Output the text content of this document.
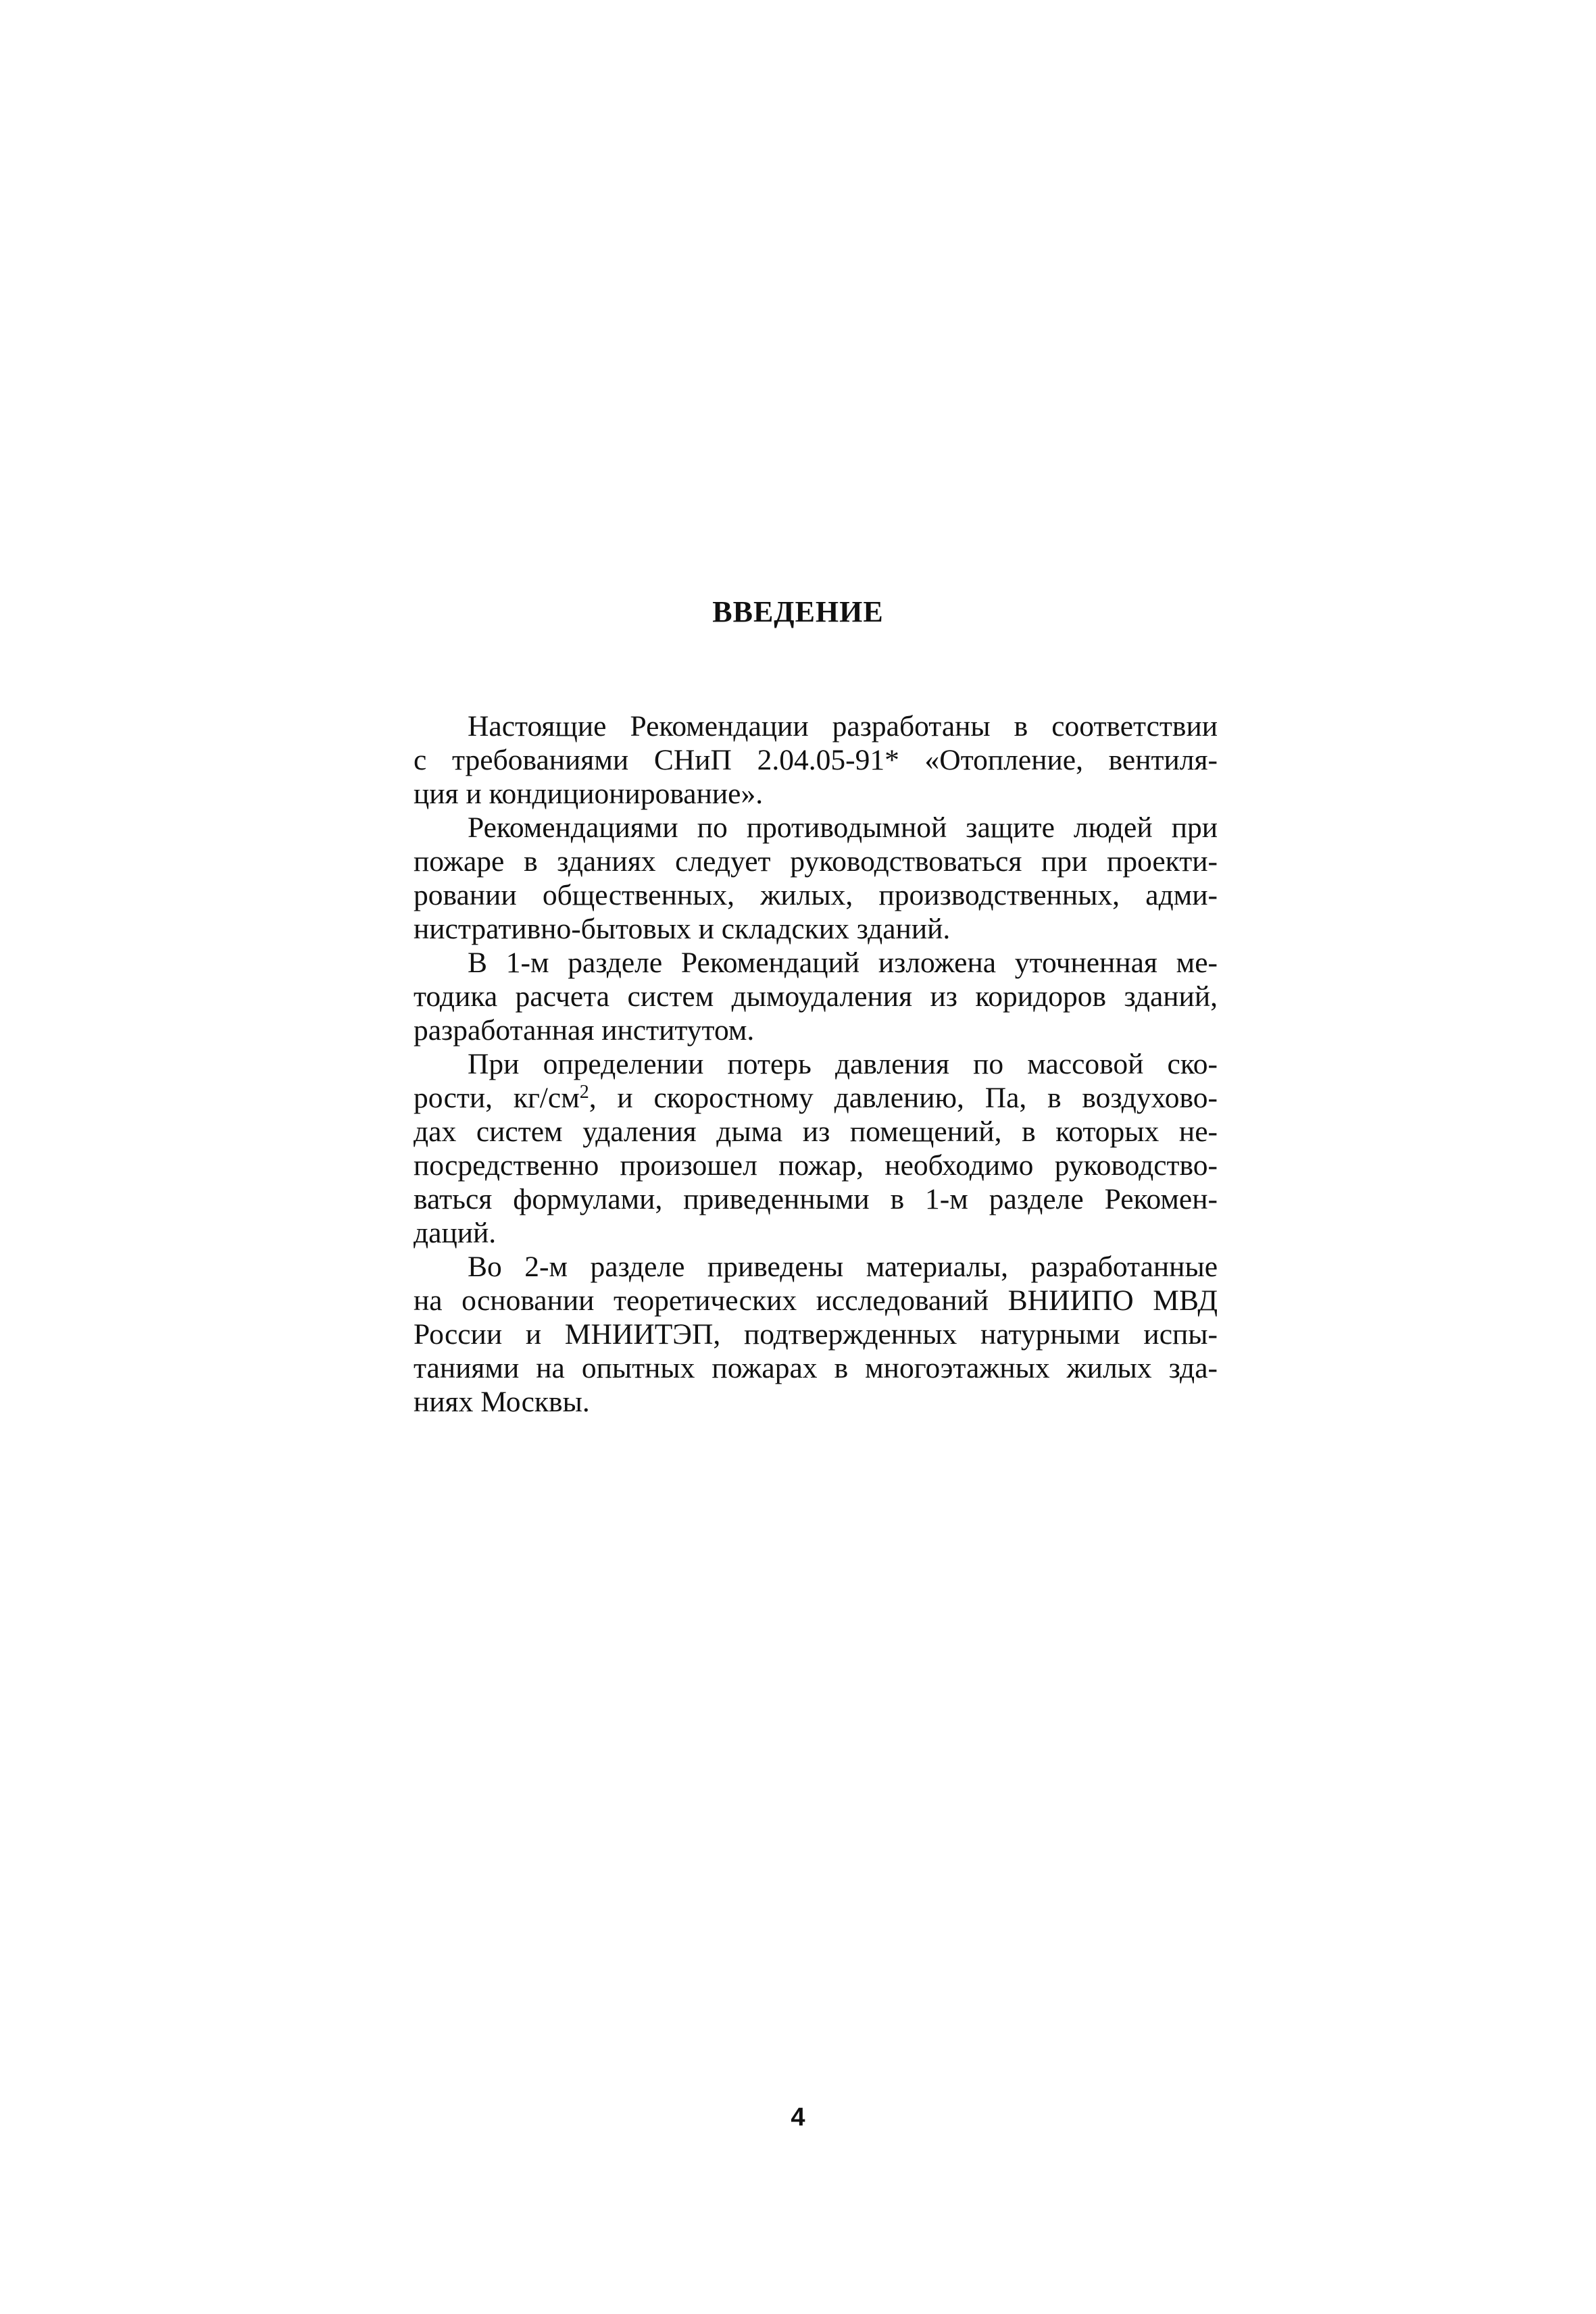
ВВЕДЕНИЕ

Настоящие Рекомендации разработаны в соответствии
с требованиями СНиП 2.04.05-91* «Отопление, вентиля-
ция и кондиционирование».

Рекомендациями по противодымной защите людей при
пожаре в зданиях следует руководствоваться при проекти-
ровании общественных, жилых, производственных, адми-
нистративно-бытовых и складских зданий.

В 1-м разделе Рекомендаций изложена уточненная ме-
тодика расчета систем дымоудаления из коридоров зданий,
разработанная институтом.

При определении потерь давления по массовой ско-
рости, $кг/см^2$, и скоростному давлению, Па, в воздухово-
дах систем удаления дыма из помещений, в которых не-
посредственно произошел пожар, необходимо руководство-
ваться формулами, приведенными в 1-м разделе Рекомен-
даций.

Во 2-м разделе приведены материалы, разработанные
на основании теоретических исследований ВНИИПО МВД
России и МНИИТЭП, подтвержденных натурными испы-
таниями на опытных пожарах в многоэтажных жилых зда-
ниях Москвы.

4
